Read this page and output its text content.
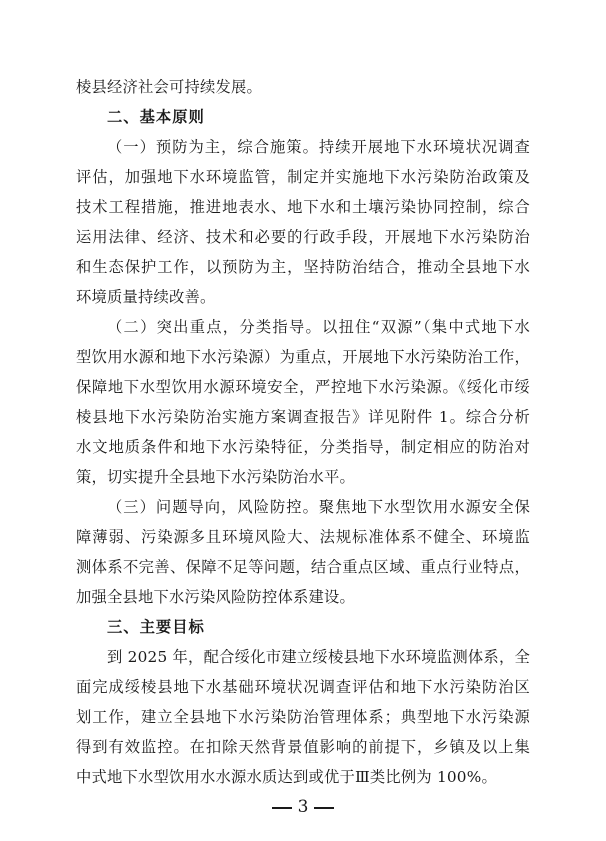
棱县经济社会可持续发展。
二、基本原则
（一）预防为主，综合施策。持续开展地下水环境状况调查
评估，加强地下水环境监管，制定并实施地下水污染防治政策及
技术工程措施，推进地表水、地下水和土壤污染协同控制，综合
运用法律、经济、技术和必要的行政手段，开展地下水污染防治
和生态保护工作，以预防为主，坚持防治结合，推动全县地下水
环境质量持续改善。
（二）突出重点，分类指导。以扭住“双源”（集中式地下水
型饮用水源和地下水污染源）为重点，开展地下水污染防治工作，
保障地下水型饮用水源环境安全，严控地下水污染源。《绥化市绥
棱县地下水污染防治实施方案调查报告》详见附件 1。综合分析
水文地质条件和地下水污染特征，分类指导，制定相应的防治对
策，切实提升全县地下水污染防治水平。
（三）问题导向，风险防控。聚焦地下水型饮用水源安全保
障薄弱、污染源多且环境风险大、法规标准体系不健全、环境监
测体系不完善、保障不足等问题，结合重点区域、重点行业特点，
加强全县地下水污染风险防控体系建设。
三、主要目标
到 2025 年，配合绥化市建立绥棱县地下水环境监测体系，全
面完成绥棱县地下水基础环境状况调查评估和地下水污染防治区
划工作，建立全县地下水污染防治管理体系；典型地下水污染源
得到有效监控。在扣除天然背景值影响的前提下，乡镇及以上集
中式地下水型饮用水水源水质达到或优于Ⅲ类比例为 100%。
3
